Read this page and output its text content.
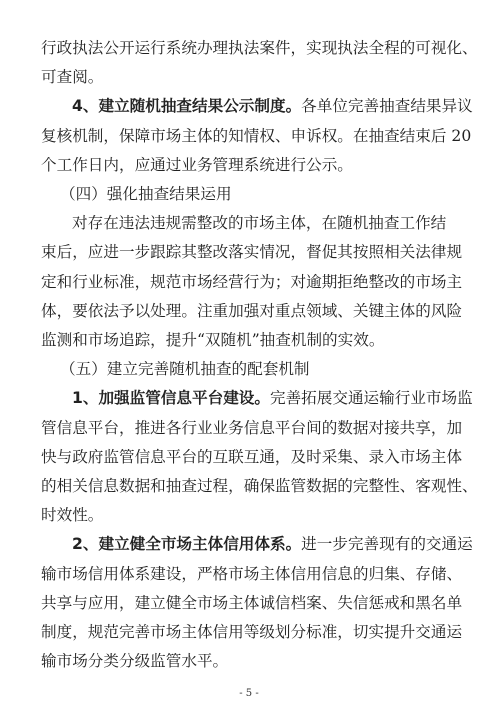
行政执法公开运行系统办理执法案件，实现执法全程的可视化、
可查阅。
4、建立随机抽查结果公示制度。各单位完善抽查结果异议
复核机制，保障市场主体的知情权、申诉权。在抽查结束后 20
个工作日内，应通过业务管理系统进行公示。
（四）强化抽查结果运用
对存在违法违规需整改的市场主体，在随机抽查工作结
束后，应进一步跟踪其整改落实情况，督促其按照相关法律规
定和行业标准，规范市场经营行为；对逾期拒绝整改的市场主
体，要依法予以处理。注重加强对重点领域、关键主体的风险
监测和市场追踪，提升“双随机”抽查机制的实效。
（五）建立完善随机抽查的配套机制
1、加强监管信息平台建设。完善拓展交通运输行业市场监
管信息平台，推进各行业业务信息平台间的数据对接共享，加
快与政府监管信息平台的互联互通，及时采集、录入市场主体
的相关信息数据和抽查过程，确保监管数据的完整性、客观性、
时效性。
2、建立健全市场主体信用体系。进一步完善现有的交通运
输市场信用体系建设，严格市场主体信用信息的归集、存储、
共享与应用，建立健全市场主体诚信档案、失信惩戒和黑名单
制度，规范完善市场主体信用等级划分标准，切实提升交通运
输市场分类分级监管水平。
- 5 -
